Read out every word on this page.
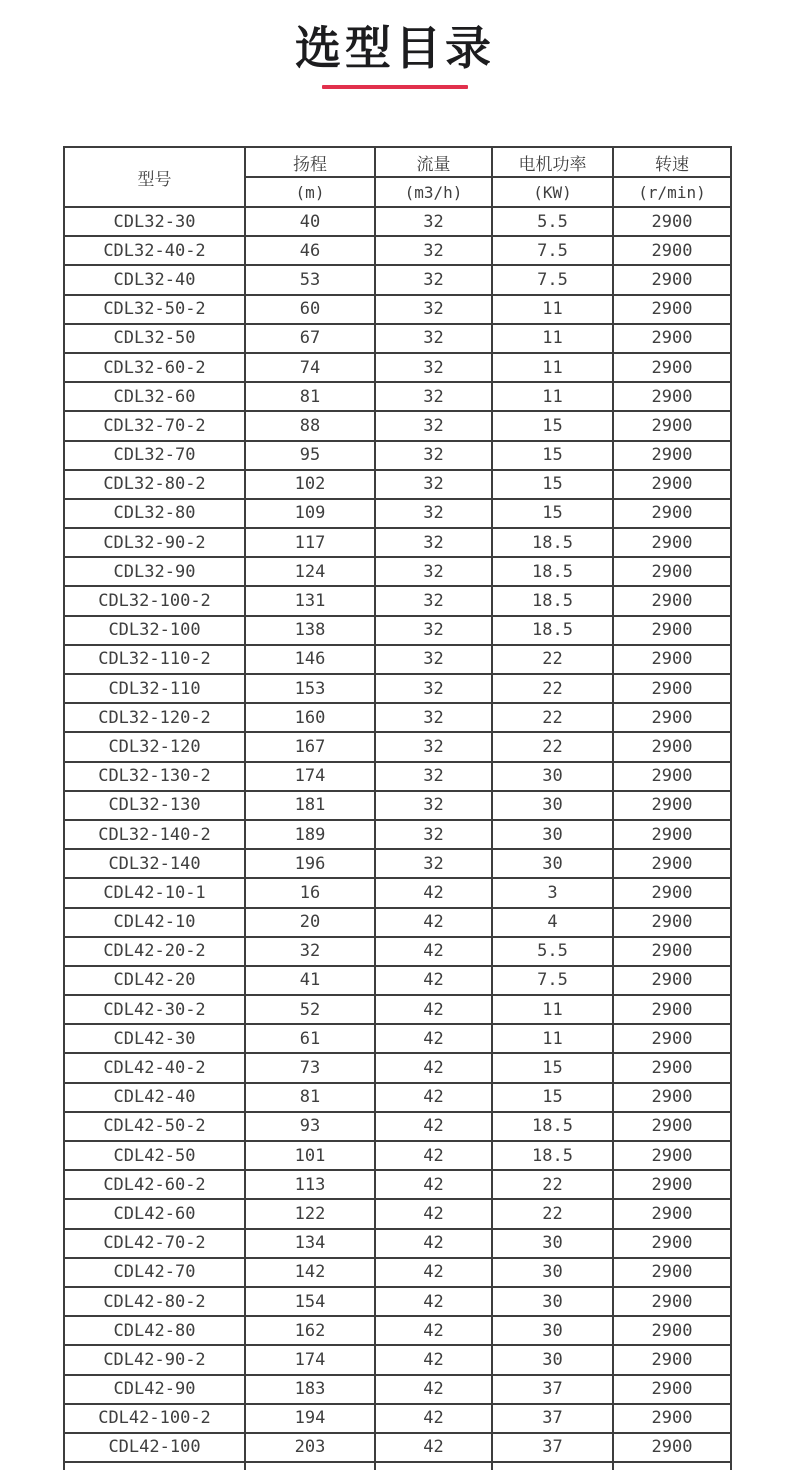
选型目录
型号	扬程	流量	电机功率	转速
	(m)	(m3/h)	(KW)	(r/min)
CDL32-30	40	32	5.5	2900
CDL32-40-2	46	32	7.5	2900
CDL32-40	53	32	7.5	2900
CDL32-50-2	60	32	11	2900
CDL32-50	67	32	11	2900
CDL32-60-2	74	32	11	2900
CDL32-60	81	32	11	2900
CDL32-70-2	88	32	15	2900
CDL32-70	95	32	15	2900
CDL32-80-2	102	32	15	2900
CDL32-80	109	32	15	2900
CDL32-90-2	117	32	18.5	2900
CDL32-90	124	32	18.5	2900
CDL32-100-2	131	32	18.5	2900
CDL32-100	138	32	18.5	2900
CDL32-110-2	146	32	22	2900
CDL32-110	153	32	22	2900
CDL32-120-2	160	32	22	2900
CDL32-120	167	32	22	2900
CDL32-130-2	174	32	30	2900
CDL32-130	181	32	30	2900
CDL32-140-2	189	32	30	2900
CDL32-140	196	32	30	2900
CDL42-10-1	16	42	3	2900
CDL42-10	20	42	4	2900
CDL42-20-2	32	42	5.5	2900
CDL42-20	41	42	7.5	2900
CDL42-30-2	52	42	11	2900
CDL42-30	61	42	11	2900
CDL42-40-2	73	42	15	2900
CDL42-40	81	42	15	2900
CDL42-50-2	93	42	18.5	2900
CDL42-50	101	42	18.5	2900
CDL42-60-2	113	42	22	2900
CDL42-60	122	42	22	2900
CDL42-70-2	134	42	30	2900
CDL42-70	142	42	30	2900
CDL42-80-2	154	42	30	2900
CDL42-80	162	42	30	2900
CDL42-90-2	174	42	30	2900
CDL42-90	183	42	37	2900
CDL42-100-2	194	42	37	2900
CDL42-100	203	42	37	2900
